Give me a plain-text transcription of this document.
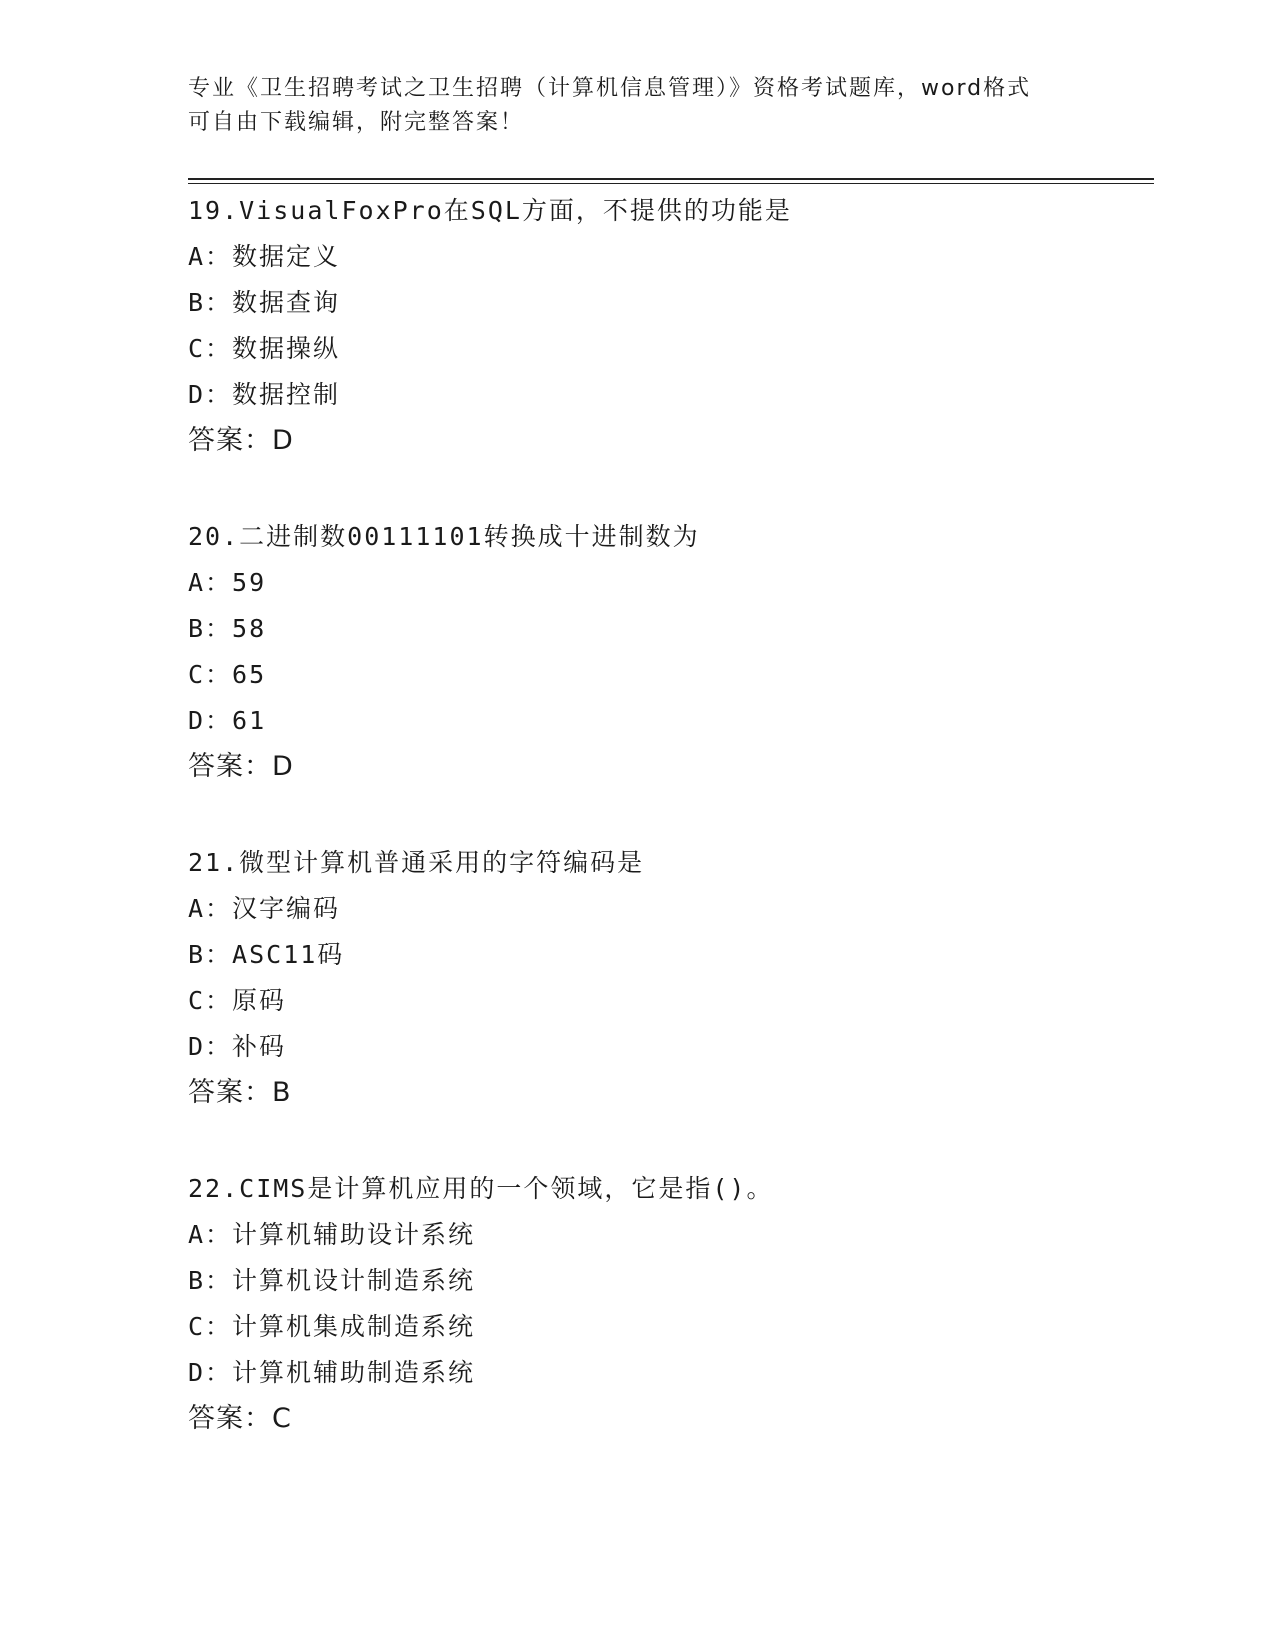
专业《卫生招聘考试之卫生招聘（计算机信息管理）》资格考试题库，word格式
可自由下载编辑，附完整答案！
19.VisualFoxPro在SQL方面，不提供的功能是
A：数据定义
B：数据查询
C：数据操纵
D：数据控制
答案：D
20.二进制数00111101转换成十进制数为
A：59
B：58
C：65
D：61
答案：D
21.微型计算机普通采用的字符编码是
A：汉字编码
B：ASC11码
C：原码
D：补码
答案：B
22.CIMS是计算机应用的一个领域，它是指()。
A：计算机辅助设计系统
B：计算机设计制造系统
C：计算机集成制造系统
D：计算机辅助制造系统
答案：C
